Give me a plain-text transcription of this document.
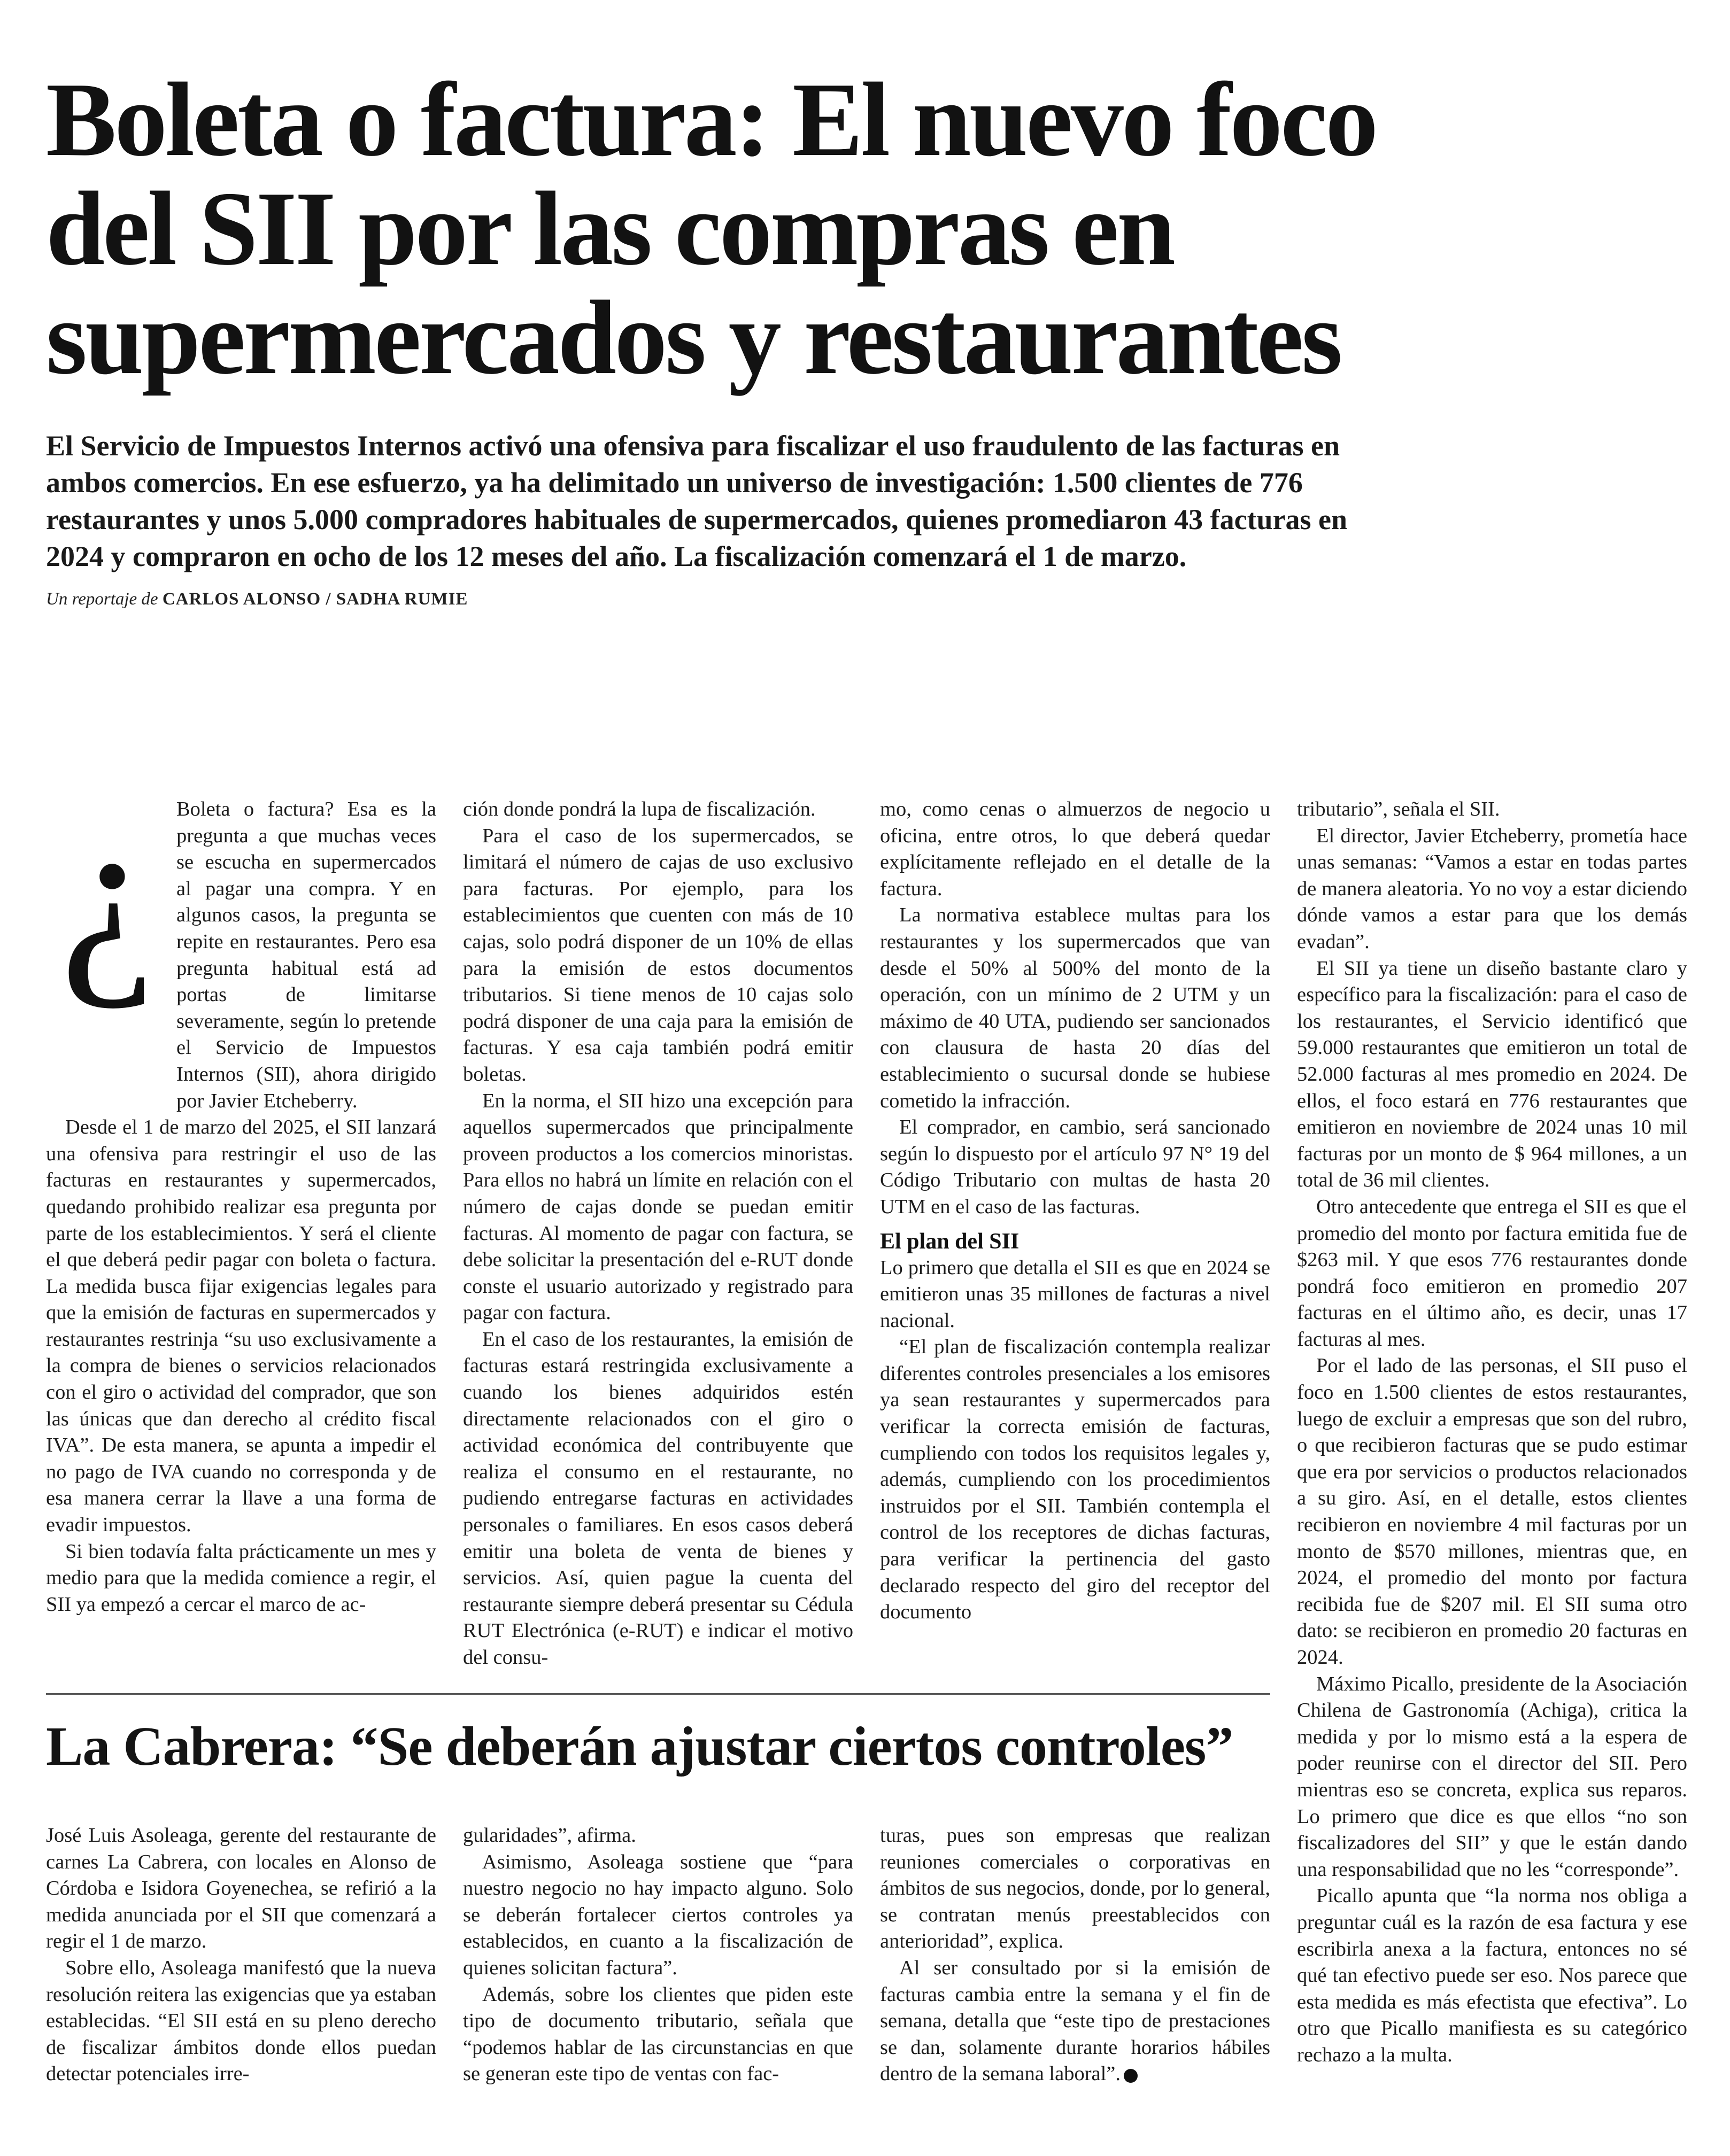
Boleta o factura: El nuevo foco
del SII por las compras en
supermercados y restaurantes
El Servicio de Impuestos Internos activó una ofensiva para fiscalizar el uso fraudulento de las facturas en
ambos comercios. En ese esfuerzo, ya ha delimitado un universo de investigación: 1.500 clientes de 776
restaurantes y unos 5.000 compradores habituales de supermercados, quienes promediaron 43 facturas en
2024 y compraron en ocho de los 12 meses del año. La fiscalización comenzará el 1 de marzo.
Un reportaje de CARLOS ALONSO / SADHA RUMIE
¿	Boleta o factura? Esa es la pregunta a que muchas veces se escucha en supermercados al pagar una compra. Y en algunos casos, la pregunta se repite en restaurantes. Pero esa pregunta habitual está ad portas de limitarse severamente, según lo pretende el Servicio de Impuestos Internos (SII), ahora dirigido por Javier Etcheberry.

Desde el 1 de marzo del 2025, el SII lanzará una ofensiva para restringir el uso de las facturas en restaurantes y supermercados, quedando prohibido realizar esa pregunta por parte de los establecimientos. Y será el cliente el que deberá pedir pagar con boleta o factura. La medida busca fijar exigencias legales para que la emisión de facturas en supermercados y restaurantes restrinja “su uso exclusivamente a la compra de bienes o servicios relacionados con el giro o actividad del comprador, que son las únicas que dan derecho al crédito fiscal IVA”. De esta manera, se apunta a impedir el no pago de IVA cuando no corresponda y de esa manera cerrar la llave a una forma de evadir impuestos.

Si bien todavía falta prácticamente un mes y medio para que la medida comience a regir, el SII ya empezó a cercar el marco de ac-

ción donde pondrá la lupa de fiscalización.

Para el caso de los supermercados, se limitará el número de cajas de uso exclusivo para facturas. Por ejemplo, para los establecimientos que cuenten con más de 10 cajas, solo podrá disponer de un 10% de ellas para la emisión de estos documentos tributarios. Si tiene menos de 10 cajas solo podrá disponer de una caja para la emisión de facturas. Y esa caja también podrá emitir boletas.

En la norma, el SII hizo una excepción para aquellos supermercados que principalmente proveen productos a los comercios minoristas. Para ellos no habrá un límite en relación con el número de cajas donde se puedan emitir facturas. Al momento de pagar con factura, se debe solicitar la presentación del e-RUT donde conste el usuario autorizado y registrado para pagar con factura.

En el caso de los restaurantes, la emisión de facturas estará restringida exclusivamente a cuando los bienes adquiridos estén directamente relacionados con el giro o actividad económica del contribuyente que realiza el consumo en el restaurante, no pudiendo entregarse facturas en actividades personales o familiares. En esos casos deberá emitir una boleta de venta de bienes y servicios. Así, quien pague la cuenta del restaurante siempre deberá presentar su Cédula RUT Electrónica (e-RUT) e indicar el motivo del consu-

mo, como cenas o almuerzos de negocio u oficina, entre otros, lo que deberá quedar explícitamente reflejado en el detalle de la factura.

La normativa establece multas para los restaurantes y los supermercados que van desde el 50% al 500% del monto de la operación, con un mínimo de 2 UTM y un máximo de 40 UTA, pudiendo ser sancionados con clausura de hasta 20 días del establecimiento o sucursal donde se hubiese cometido la infracción.

El comprador, en cambio, será sancionado según lo dispuesto por el artículo 97 N° 19 del Código Tributario con multas de hasta 20 UTM en el caso de las facturas.

El plan del SII

Lo primero que detalla el SII es que en 2024 se emitieron unas 35 millones de facturas a nivel nacional.

“El plan de fiscalización contempla realizar diferentes controles presenciales a los emisores ya sean restaurantes y supermercados para verificar la correcta emisión de facturas, cumpliendo con todos los requisitos legales y, además, cumpliendo con los procedimientos instruidos por el SII. También contempla el control de los receptores de dichas facturas, para verificar la pertinencia del gasto declarado respecto del giro del receptor del documento

tributario”, señala el SII.

El director, Javier Etcheberry, prometía hace unas semanas: “Vamos a estar en todas partes de manera aleatoria. Yo no voy a estar diciendo dónde vamos a estar para que los demás evadan”.

El SII ya tiene un diseño bastante claro y específico para la fiscalización: para el caso de los restaurantes, el Servicio identificó que 59.000 restaurantes que emitieron un total de 52.000 facturas al mes promedio en 2024. De ellos, el foco estará en 776 restaurantes que emitieron en noviembre de 2024 unas 10 mil facturas por un monto de $ 964 millones, a un total de 36 mil clientes.

Otro antecedente que entrega el SII es que el promedio del monto por factura emitida fue de $263 mil. Y que esos 776 restaurantes donde pondrá foco emitieron en promedio 207 facturas en el último año, es decir, unas 17 facturas al mes.

Por el lado de las personas, el SII puso el foco en 1.500 clientes de estos restaurantes, luego de excluir a empresas que son del rubro, o que recibieron facturas que se pudo estimar que era por servicios o productos relacionados a su giro. Así, en el detalle, estos clientes recibieron en noviembre 4 mil facturas por un monto de $570 millones, mientras que, en 2024, el promedio del monto por factura recibida fue de $207 mil. El SII suma otro dato: se recibieron en promedio 20 facturas en 2024.

Máximo Picallo, presidente de la Asociación Chilena de Gastronomía (Achiga), critica la medida y por lo mismo está a la espera de poder reunirse con el director del SII. Pero mientras eso se concreta, explica sus reparos. Lo primero que dice es que ellos “no son fiscalizadores del SII” y que le están dando una responsabilidad que no les “corresponde”.

Picallo apunta que “la norma nos obliga a preguntar cuál es la razón de esa factura y ese escribirla anexa a la factura, entonces no sé qué tan efectivo puede ser eso. Nos parece que esta medida es más efectista que efectiva”. Lo otro que Picallo manifiesta es su categórico rechazo a la multa.

La Cabrera: “Se deberán ajustar ciertos controles”

José Luis Asoleaga, gerente del restaurante de carnes La Cabrera, con locales en Alonso de Córdoba e Isidora Goyenechea, se refirió a la medida anunciada por el SII que comenzará a regir el 1 de marzo.

Sobre ello, Asoleaga manifestó que la nueva resolución reitera las exigencias que ya estaban establecidas. “El SII está en su pleno derecho de fiscalizar ámbitos donde ellos puedan detectar potenciales irre-

gularidades”, afirma.

Asimismo, Asoleaga sostiene que “para nuestro negocio no hay impacto alguno. Solo se deberán fortalecer ciertos controles ya establecidos, en cuanto a la fiscalización de quienes solicitan factura”.

Además, sobre los clientes que piden este tipo de documento tributario, señala que “podemos hablar de las circunstancias en que se generan este tipo de ventas con fac-

turas, pues son empresas que realizan reuniones comerciales o corporativas en ámbitos de sus negocios, donde, por lo general, se contratan menús preestablecidos con anterioridad”, explica.

Al ser consultado por si la emisión de facturas cambia entre la semana y el fin de semana, detalla que “este tipo de prestaciones se dan, solamente durante horarios hábiles dentro de la semana laboral”. P
